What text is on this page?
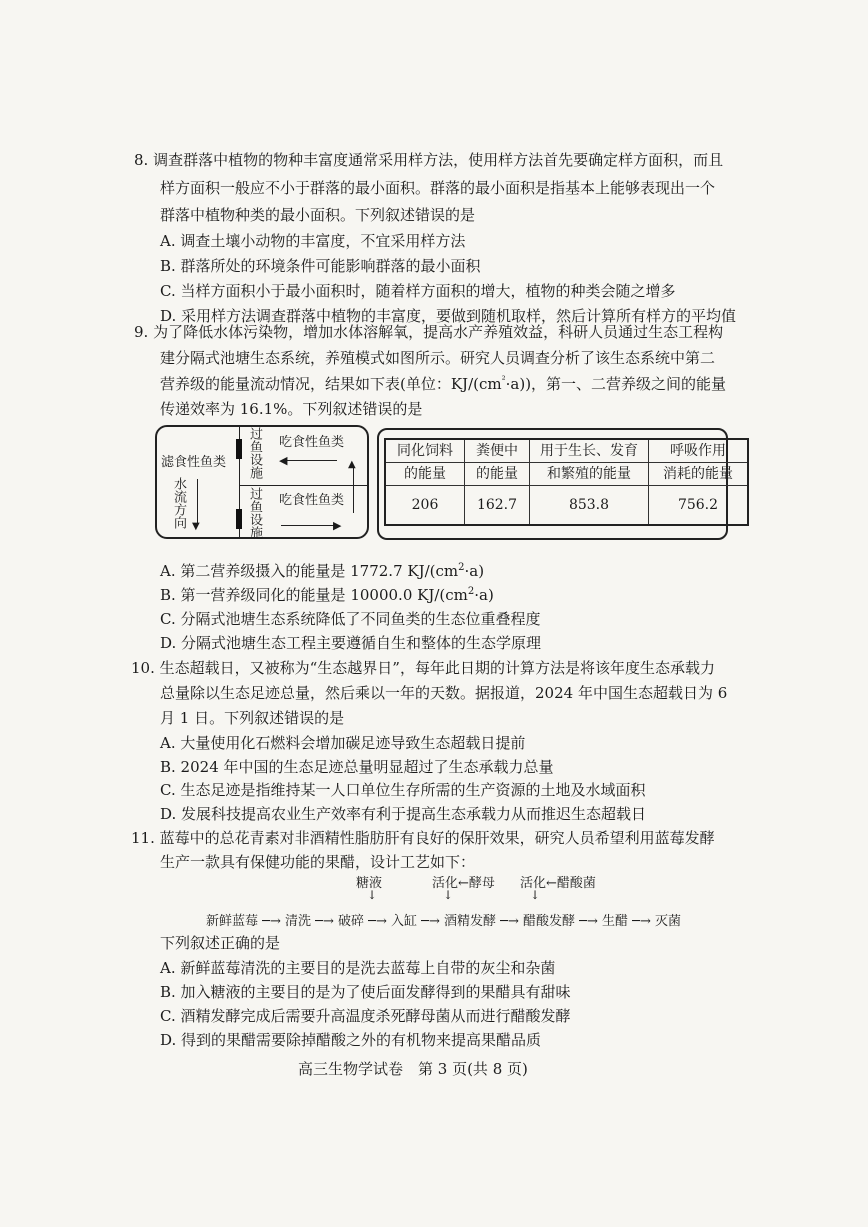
8. 调查群落中植物的物种丰富度通常采用样方法，使用样方法首先要确定样方面积，而且
样方面积一般应不小于群落的最小面积。群落的最小面积是指基本上能够表现出一个
群落中植物种类的最小面积。下列叙述错误的是
A. 调查土壤小动物的丰富度，不宜采用样方法
B. 群落所处的环境条件可能影响群落的最小面积
C. 当样方面积小于最小面积时，随着样方面积的增大，植物的种类会随之增多
D. 采用样方法调查群落中植物的丰富度，要做到随机取样，然后计算所有样方的平均值
9. 为了降低水体污染物，增加水体溶解氧，提高水产养殖效益，科研人员通过生态工程构
建分隔式池塘生态系统，养殖模式如图所示。研究人员调查分析了该生态系统中第二
营养级的能量流动情况，结果如下表(单位：$KJ/(cm^{^2}\cdot a)$)，第一、二营养级之间的能量
传递效率为 16.1%。下列叙述错误的是
滤食性鱼类
水流方向 ▼
过鱼设施
过鱼设施
吃食性鱼类
吃食性鱼类
◀
▶
▲
同化饲料	粪便中	用于生长、发育	呼吸作用
的能量	的能量	和繁殖的能量	消耗的能量
206	162.7	853.8	756.2
A. 第二营养级摄入的能量是 1772.7 $KJ/(cm^2\cdot a)$
B. 第一营养级同化的能量是 10000.0 $KJ/(cm^2\cdot a)$
C. 分隔式池塘生态系统降低了不同鱼类的生态位重叠程度
D. 分隔式池塘生态工程主要遵循自生和整体的生态学原理
10. 生态超载日，又被称为“生态越界日”，每年此日期的计算方法是将该年度生态承载力
总量除以生态足迹总量，然后乘以一年的天数。据报道，2024 年中国生态超载日为 6
月 1 日。下列叙述错误的是
A. 大量使用化石燃料会增加碳足迹导致生态超载日提前
B. 2024 年中国的生态足迹总量明显超过了生态承载力总量
C. 生态足迹是指维持某一人口单位生存所需的生产资源的土地及水域面积
D. 发展科技提高农业生产效率有利于提高生态承载力从而推迟生态超载日
11. 蓝莓中的总花青素对非酒精性脂肪肝有良好的保肝效果，研究人员希望利用蓝莓发酵
生产一款具有保健功能的果醋，设计工艺如下：
糖液	活化←酵母 活化←醋酸菌
↓	↓	↓
新鲜蓝莓 ─→ 清洗 ─→ 破碎 ─→ 入缸 ─→ 酒精发酵 ─→ 醋酸发酵 ─→ 生醋 ─→ 灭菌
下列叙述正确的是
A. 新鲜蓝莓清洗的主要目的是洗去蓝莓上自带的灰尘和杂菌
B. 加入糖液的主要目的是为了使后面发酵得到的果醋具有甜味
C. 酒精发酵完成后需要升高温度杀死酵母菌从而进行醋酸发酵
D. 得到的果醋需要除掉醋酸之外的有机物来提高果醋品质
高三生物学试卷　第 3 页(共 8 页)
